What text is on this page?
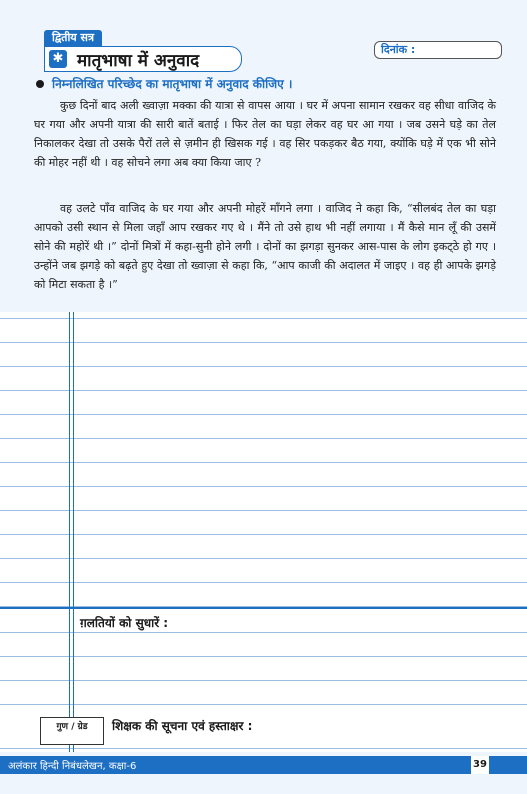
द्वितीय सत्र
✱ मातृभाषा में अनुवाद
दिनांक :
निम्नलिखित परिच्छेद का मातृभाषा में अनुवाद कीजिए ।
कुछ दिनों बाद अली ख्वाज़ा मक्का की यात्रा से वापस आया । घर में अपना सामान रखकर वह सीधा वाजिद के घर गया और अपनी यात्रा की सारी बातें बताई । फिर तेल का घड़ा लेकर वह घर आ गया । जब उसने घड़े का तेल निकालकर देखा तो उसके पैरों तले से ज़मीन ही खिसक गई । वह सिर पकड़कर बैठ गया, क्योंकि घड़े में एक भी सोने की मोहर नहीं थी । वह सोचने लगा अब क्या किया जाए ?
वह उलटे पाँव वाजिद के घर गया और अपनी मोहरें माँगने लगा । वाजिद ने कहा कि, “सीलबंद तेल का घड़ा आपको उसी स्थान से मिला जहाँ आप रखकर गए थे । मैंने तो उसे हाथ भी नहीं लगाया । मैं कैसे मान लूँ की उसमें सोने की महोरें थी ।” दोनों मित्रों में कहा-सुनी होने लगी । दोनों का झगड़ा सुनकर आस-पास के लोग इकट्‌ठे हो गए । उन्होंने जब झगड़े को बढ़ते हुए देखा तो ख्वाज़ा से कहा कि, “आप काजी की अदालत में जाइए । वह ही आपके झगड़े को मिटा सकता है ।”
ग़लतियों को सुधारें :
गुण / ग्रेड	शिक्षक की सूचना एवं हस्ताक्षर :
अलंकार हिन्दी निबंधलेखन, कक्षा-6	39
